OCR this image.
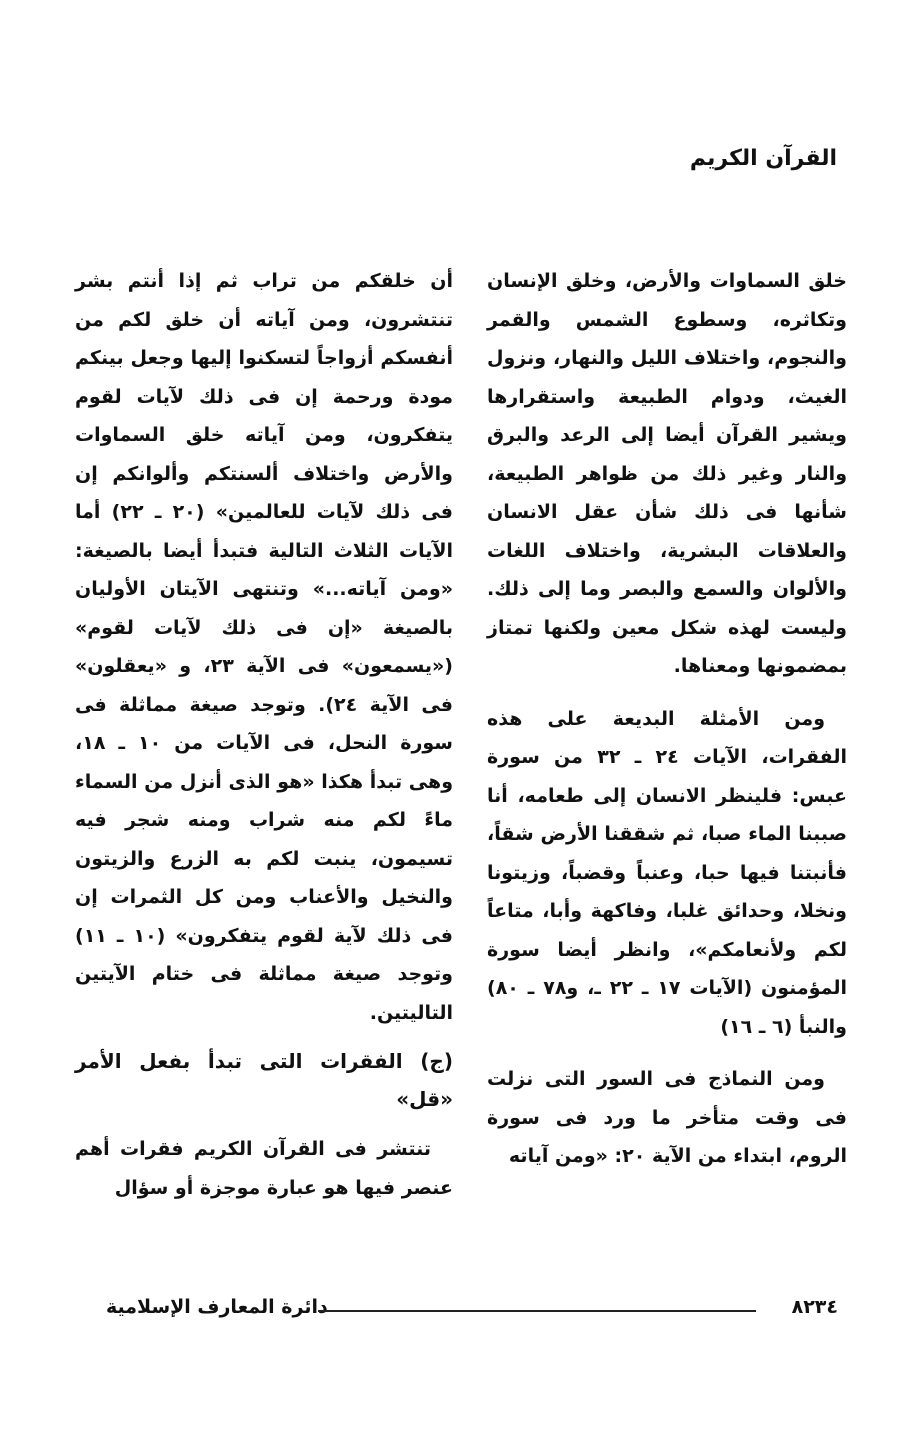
القرآن الكريم

خلق السماوات والأرض، وخلق الإنسان وتكاثره، وسطوع الشمس والقمر والنجوم، واختلاف الليل والنهار، ونزول الغيث، ودوام الطبيعة واستقرارها ويشير القرآن أيضا إلى الرعد والبرق والنار وغير ذلك من ظواهر الطبيعة، شأنها فى ذلك شأن عقل الانسان والعلاقات البشرية، واختلاف اللغات والألوان والسمع والبصر وما إلى ذلك. وليست لهذه شكل معين ولكنها تمتاز بمضمونها ومعناها.

ومن الأمثلة البديعة على هذه الفقرات، الآيات ٢٤ ـ ٣٢ من سورة عبس: فلينظر الانسان إلى طعامه، أنا صببنا الماء صبا، ثم شققنا الأرض شقاً، فأنبتنا فيها حبا، وعنباً وقضباً، وزيتونا ونخلا، وحدائق غلبا، وفاكهة وأبا، متاعاً لكم ولأنعامكم»، وانظر أيضا سورة المؤمنون (الآيات ١٧ ـ ٢٢ ـ، و٧٨ ـ ٨٠) والنبأ (٦ ـ ١٦)

ومن النماذج فى السور التى نزلت فى وقت متأخر ما ورد فى سورة الروم، ابتداء من الآية ٢٠: «ومن آياته

أن خلقكم من تراب ثم إذا أنتم بشر تنتشرون، ومن آياته أن خلق لكم من أنفسكم أزواجاً لتسكنوا إليها وجعل بينكم مودة ورحمة إن فى ذلك لآيات لقوم يتفكرون، ومن آياته خلق السماوات والأرض واختلاف ألسنتكم وألوانكم إن فى ذلك لآيات للعالمين» (٢٠ ـ ٢٢) أما الآيات الثلاث التالية فتبدأ أيضا بالصيغة: «ومن آياته...» وتنتهى الآيتان الأوليان بالصيغة «إن فى ذلك لآيات لقوم» («يسمعون» فى الآية ٢٣، و «يعقلون» فى الآية ٢٤). وتوجد صيغة مماثلة فى سورة النحل، فى الآيات من ١٠ ـ ١٨، وهى تبدأ هكذا «هو الذى أنزل من السماء ماءً لكم منه شراب ومنه شجر فيه تسيمون، ينبت لكم به الزرع والزيتون والنخيل والأعناب ومن كل الثمرات إن فى ذلك لآية لقوم يتفكرون» (١٠ ـ ١١) وتوجد صيغة مماثلة فى ختام الآيتين التاليتين.

(ج) الفقرات التى تبدأ بفعل الأمر «قل»

تنتشر فى القرآن الكريم فقرات أهم عنصر فيها هو عبارة موجزة أو سؤال

دائرة المعارف الإسلامية	٨٢٣٤
